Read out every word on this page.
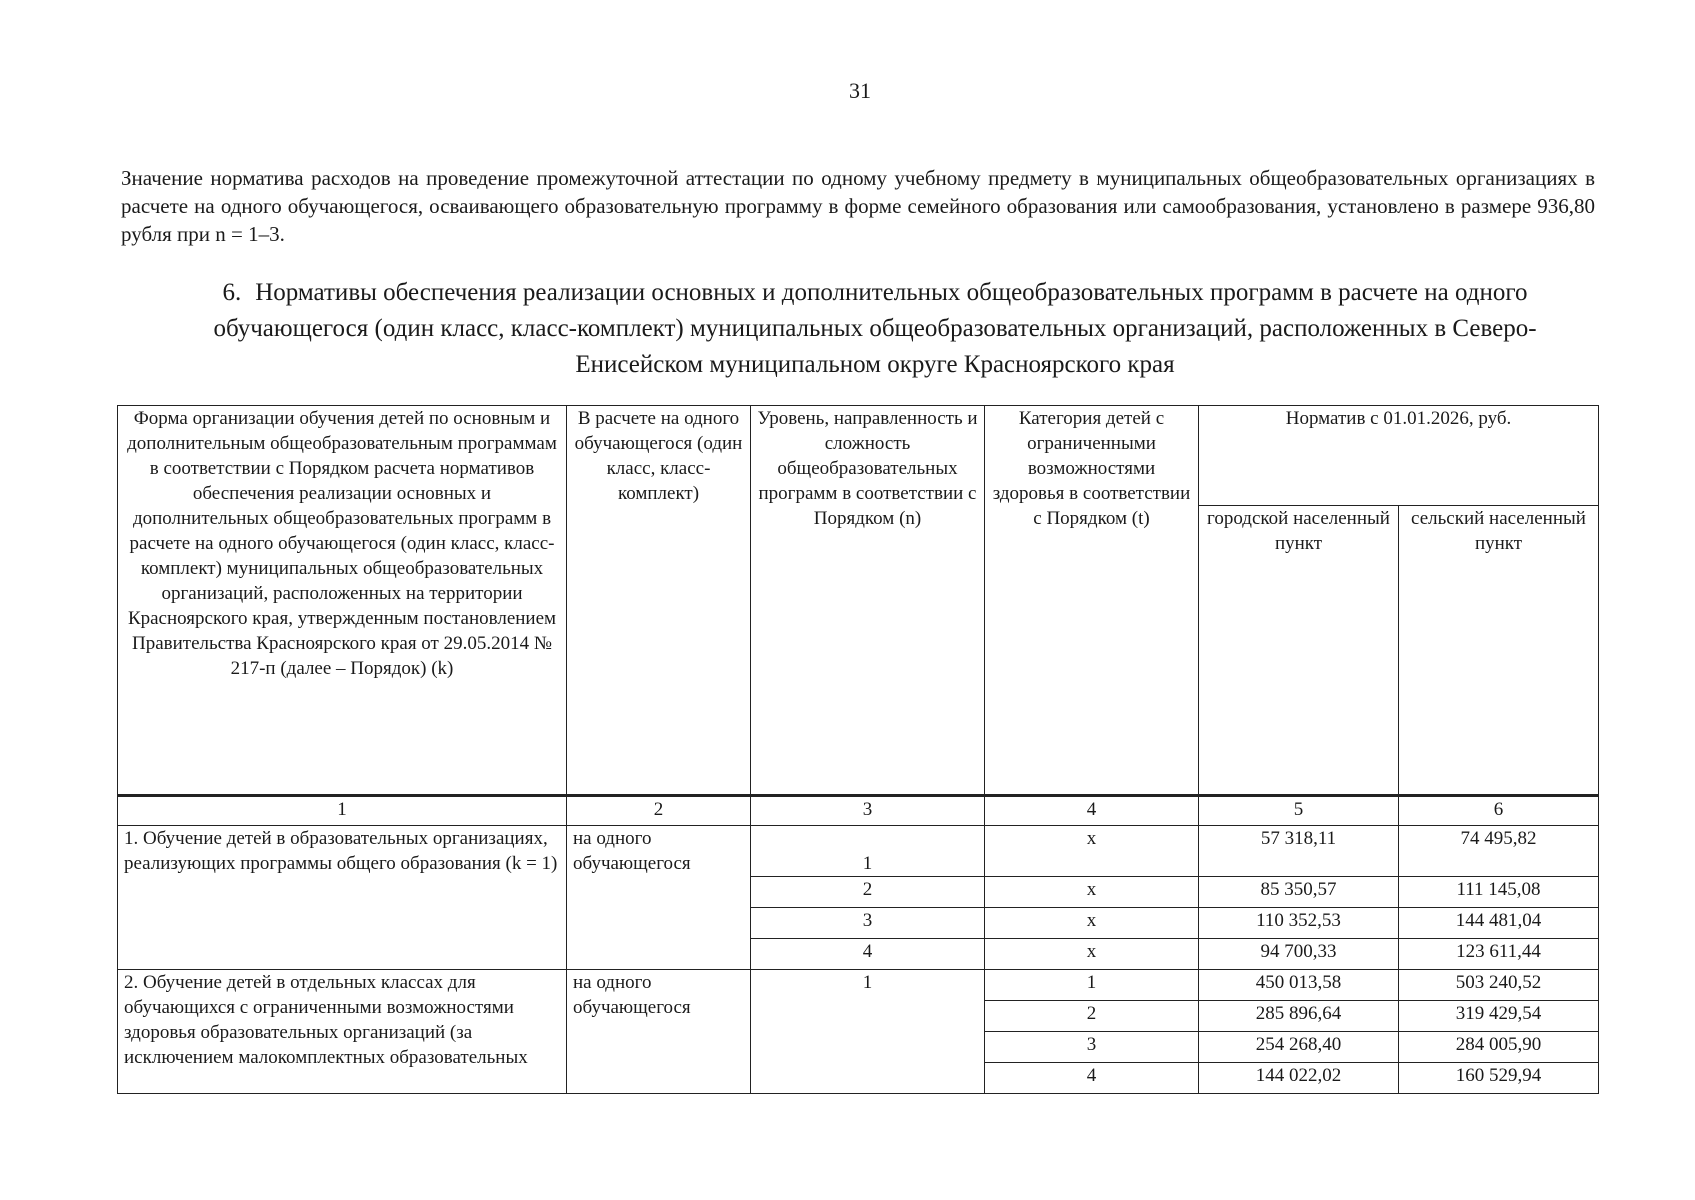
31
Значение норматива расходов на проведение промежуточной аттестации по одному учебному предмету в муниципальных общеобразовательных организациях в расчете на одного обучающегося, осваивающего образовательную программу в форме семейного образования или самообразования, установлено в размере 936,80 рубля при n = 1–3.
6. Нормативы обеспечения реализации основных и дополнительных общеобразовательных программ в расчете на одного обучающегося (один класс, класс-комплект) муниципальных общеобразовательных организаций, расположенных в Северо-Енисейском муниципальном округе Красноярского края
Форма организации обучения детей по основным и дополнительным общеобразовательным программам в соответствии с Порядком расчета нормативов обеспечения реализации основных и дополнительных общеобразовательных программ в расчете на одного обучающегося (один класс, класс-комплект) муниципальных общеобразовательных организаций, расположенных на территории Красноярского края, утвержденным постановлением Правительства Красноярского края от 29.05.2014 № 217-п (далее – Порядок) (k)	В расчете на одного обучающегося (один класс, класс-комплект)	Уровень, направленность и сложность общеобразовательных программ в соответствии с Порядком (n)	Категория детей с ограниченными возможностями здоровья в соответствии с Порядком (t)	Норматив с 01.01.2026, руб.	
				городской населенный пункт	сельский населенный пункт
1	2	3	4	5	6
1. Обучение детей в образовательных организациях, реализующих программы общего образования (k = 1)	на одного обучающегося	1	x	57 318,11	74 495,82
		2	x	85 350,57	111 145,08
		3	x	110 352,53	144 481,04
		4	x	94 700,33	123 611,44
2. Обучение детей в отдельных классах для обучающихся с ограниченными возможностями здоровья образовательных организаций (за исключением малокомплектных образовательных	на одного обучающегося	1	1	450 013,58	503 240,52
			2	285 896,64	319 429,54
			3	254 268,40	284 005,90
			4	144 022,02	160 529,94
